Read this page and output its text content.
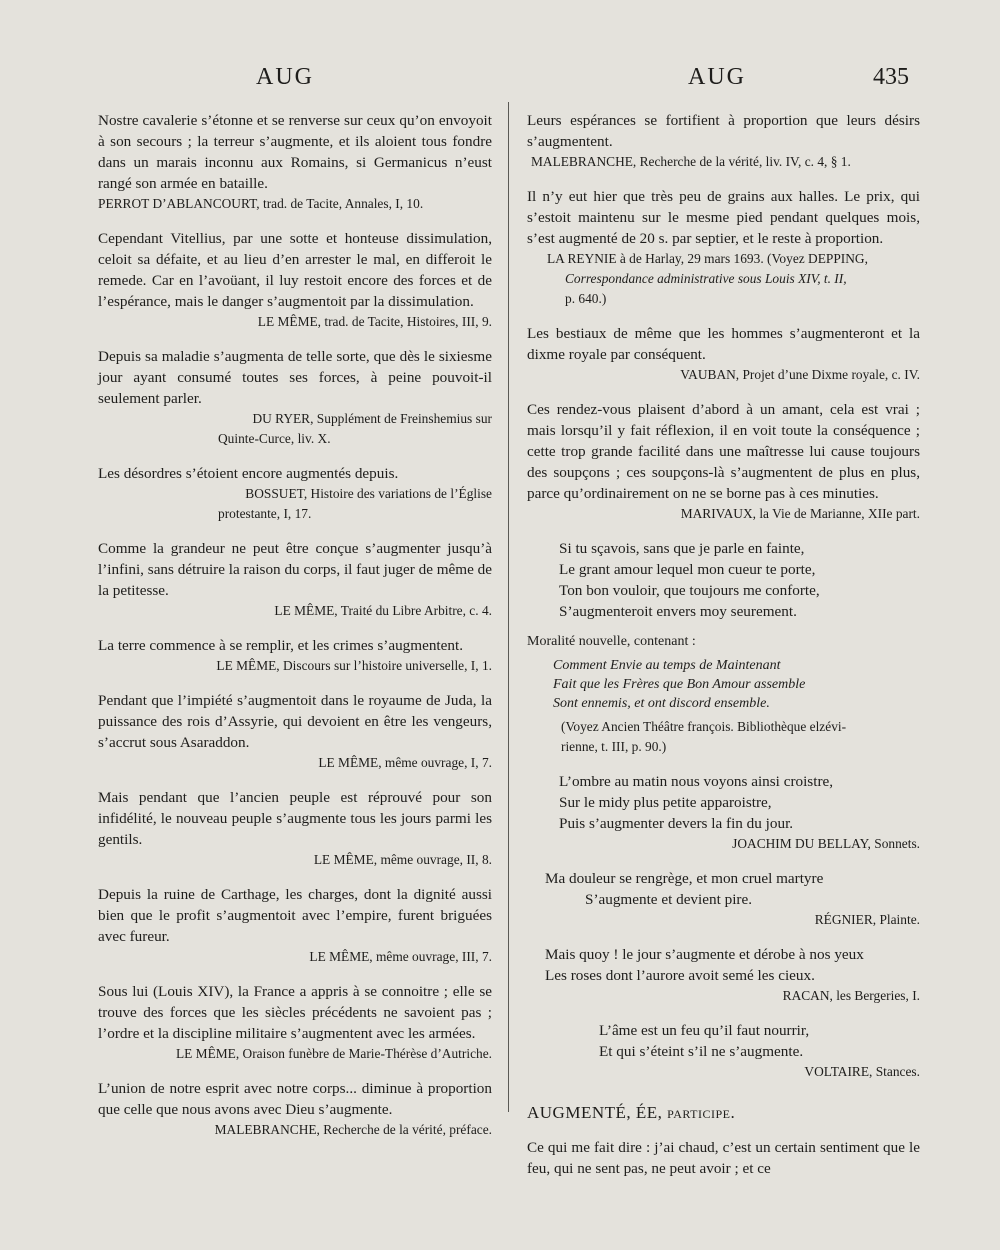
AUG	AUG	435

Nostre cavalerie s’étonne et se renverse sur ceux qu’on envoyoit à son secours ; la terreur s’augmente, et ils aloient tous fondre dans un marais inconnu aux Romains, si Germanicus n’eust rangé son armée en bataille.

PERROT D’ABLANCOURT, trad. de Tacite, Annales, I, 10.

Cependant Vitellius, par une sotte et honteuse dissimulation, celoit sa défaite, et au lieu d’en arrester le mal, en differoit le remede. Car en l’avoüant, il luy restoit encore des forces et de l’espérance, mais le danger s’augmentoit par la dissimulation.

LE MÊME, trad. de Tacite, Histoires, III, 9.

Depuis sa maladie s’augmenta de telle sorte, que dès le sixiesme jour ayant consumé toutes ses forces, à peine pouvoit-il seulement parler.

DU RYER, Supplément de Freinshemius sur

Quinte-Curce, liv. X.

Les désordres s’étoient encore augmentés depuis.

BOSSUET, Histoire des variations de l’Église

protestante, I, 17.

Comme la grandeur ne peut être conçue s’augmenter jusqu’à l’infini, sans détruire la raison du corps, il faut juger de même de la petitesse.

LE MÊME, Traité du Libre Arbitre, c. 4.

La terre commence à se remplir, et les crimes s’augmentent.

LE MÊME, Discours sur l’histoire universelle, I, 1.

Pendant que l’impiété s’augmentoit dans le royaume de Juda, la puissance des rois d’Assyrie, qui devoient en être les vengeurs, s’accrut sous Asaraddon.

LE MÊME, même ouvrage, I, 7.

Mais pendant que l’ancien peuple est réprouvé pour son infidélité, le nouveau peuple s’augmente tous les jours parmi les gentils.

LE MÊME, même ouvrage, II, 8.

Depuis la ruine de Carthage, les charges, dont la dignité aussi bien que le profit s’augmentoit avec l’empire, furent briguées avec fureur.

LE MÊME, même ouvrage, III, 7.

Sous lui (Louis XIV), la France a appris à se connoitre ; elle se trouve des forces que les siècles précédents ne savoient pas ; l’ordre et la discipline militaire s’augmentent avec les armées.

LE MÊME, Oraison funèbre de Marie-Thérèse d’Autriche.

L’union de notre esprit avec notre corps... diminue à proportion que celle que nous avons avec Dieu s’augmente.

MALEBRANCHE, Recherche de la vérité, préface.

Leurs espérances se fortifient à proportion que leurs désirs s’augmentent.

MALEBRANCHE, Recherche de la vérité, liv. IV, c. 4, § 1.

Il n’y eut hier que très peu de grains aux halles. Le prix, qui s’estoit maintenu sur le mesme pied pendant quelques mois, s’est augmenté de 20 s. par septier, et le reste à proportion.

LA REYNIE à de Harlay, 29 mars 1693. (Voyez DEPPING,

Correspondance administrative sous Louis XIV, t. II,

p. 640.)

Les bestiaux de même que les hommes s’augmenteront et la dixme royale par conséquent.

VAUBAN, Projet d’une Dixme royale, c. IV.

Ces rendez-vous plaisent d’abord à un amant, cela est vrai ; mais lorsqu’il y fait réflexion, il en voit toute la conséquence ; cette trop grande facilité dans une maîtresse lui cause toujours des soupçons ; ces soupçons-là s’augmentent de plus en plus, parce qu’ordinairement on ne se borne pas à ces minuties.

MARIVAUX, la Vie de Marianne, XIIe part.

Si tu sçavois, sans que je parle en fainte,

Le grant amour lequel mon cueur te porte,

Ton bon vouloir, que toujours me conforte,

S’augmenteroit envers moy seurement.

Moralité nouvelle, contenant :

Comment Envie au temps de Maintenant

Fait que les Frères que Bon Amour assemble

Sont ennemis, et ont discord ensemble.

(Voyez Ancien Théâtre françois. Bibliothèque elzévi-

rienne, t. III, p. 90.)

L’ombre au matin nous voyons ainsi croistre,

Sur le midy plus petite apparoistre,

Puis s’augmenter devers la fin du jour.

JOACHIM DU BELLAY, Sonnets.

Ma douleur se rengrège, et mon cruel martyre

S’augmente et devient pire.

RÉGNIER, Plainte.

Mais quoy ! le jour s’augmente et dérobe à nos yeux

Les roses dont l’aurore avoit semé les cieux.

RACAN, les Bergeries, I.

L’âme est un feu qu’il faut nourrir,

Et qui s’éteint s’il ne s’augmente.

VOLTAIRE, Stances.

AUGMENTÉ, ÉE, participe.

Ce qui me fait dire : j’ai chaud, c’est un certain sentiment que le feu, qui ne sent pas, ne peut avoir ; et ce
